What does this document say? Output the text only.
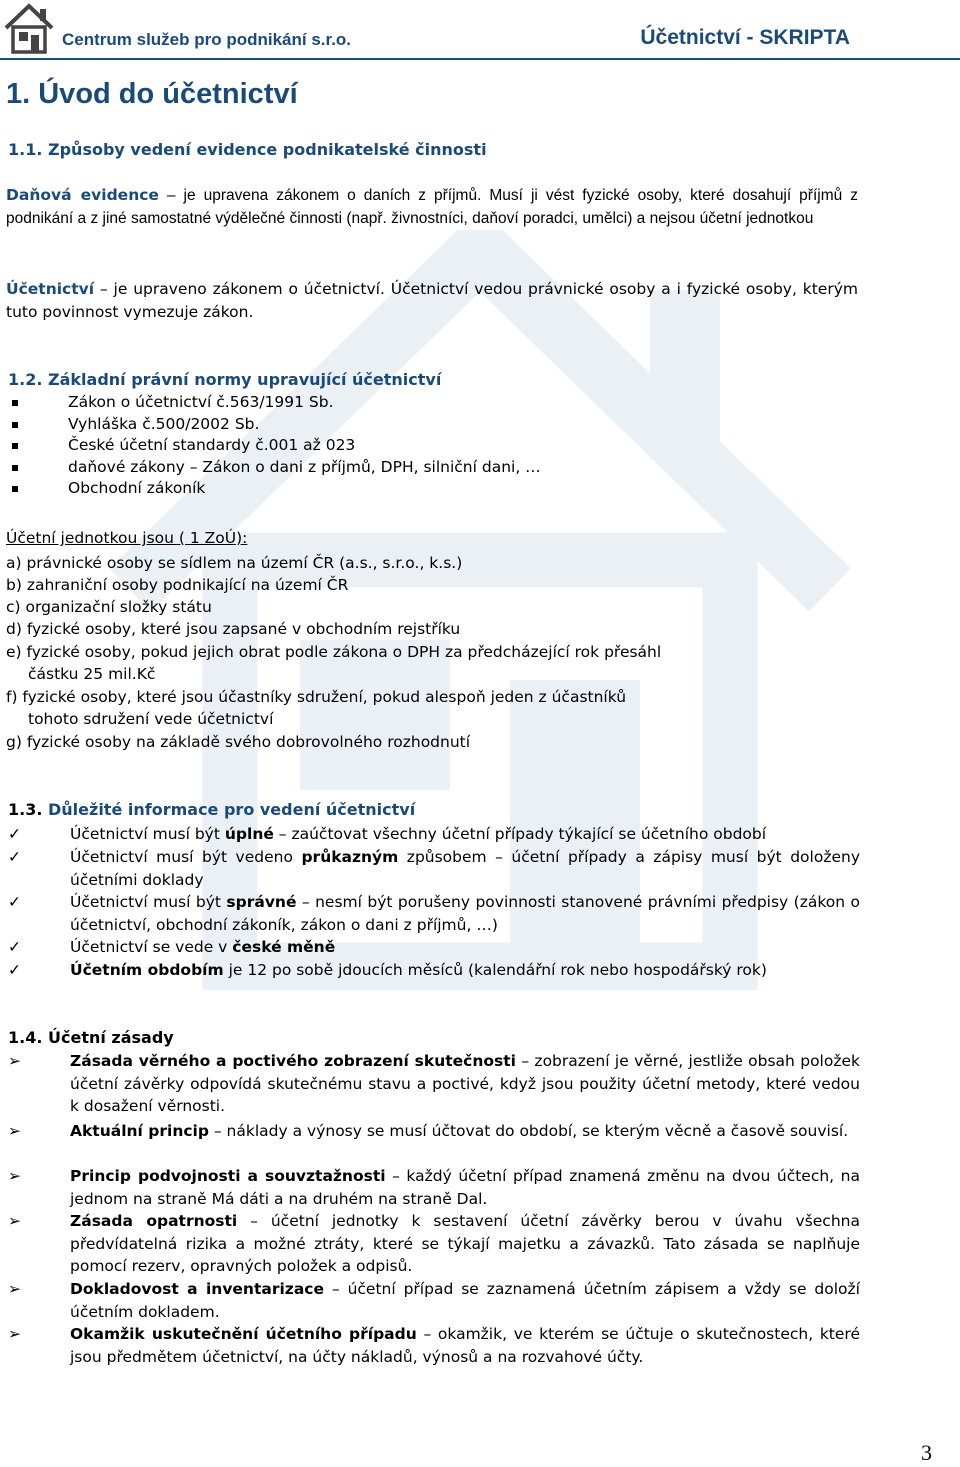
Centrum služeb pro podnikání s.r.o.	Účetnictví - SKRIPTA
1. Úvod do účetnictví
1.1. Způsoby vedení evidence podnikatelské činnosti
Daňová evidence – je upravena zákonem o daních z příjmů. Musí ji vést fyzické osoby, které dosahují příjmů z podnikání a z jiné samostatné výdělečné činnosti (např. živnostníci, daňoví poradci, umělci) a nejsou účetní jednotkou
Účetnictví – je upraveno zákonem o účetnictví. Účetnictví vedou právnické osoby a i fyzické osoby, kterým tuto povinnost vymezuje zákon.
1.2. Základní právní normy upravující účetnictví
Zákon o účetnictví č.563/1991 Sb.
Vyhláška č.500/2002 Sb.
České účetní standardy č.001 až 023
daňové zákony – Zákon o dani z příjmů, DPH, silniční dani, …
Obchodní zákoník
Účetní jednotkou jsou ( 1 ZoÚ):
a) právnické osoby se sídlem na území ČR (a.s., s.r.o., k.s.)
b) zahraniční osoby podnikající na území ČR
c) organizační složky státu
d) fyzické osoby, které jsou zapsané v obchodním rejstříku
e) fyzické osoby, pokud jejich obrat podle zákona o DPH za předcházející rok přesáhl
částku 25 mil.Kč
f) fyzické osoby, které jsou účastníky sdružení, pokud alespoň jeden z účastníků
tohoto sdružení vede účetnictví
g) fyzické osoby na základě svého dobrovolného rozhodnutí
1.3. Důležité informace pro vedení účetnictví
✓	Účetnictví musí být úplné – zaúčtovat všechny účetní případy týkající se účetního období
✓	Účetnictví musí být vedeno průkazným způsobem – účetní případy a zápisy musí být doloženy účetními doklady
✓	Účetnictví musí být správné – nesmí být porušeny povinnosti stanovené právními předpisy (zákon o účetnictví, obchodní zákoník, zákon o dani z příjmů, …)
✓	Účetnictví se vede v české měně
✓	Účetním obdobím je 12 po sobě jdoucích měsíců (kalendářní rok nebo hospodářský rok)
1.4. Účetní zásady
➢	Zásada věrného a poctivého zobrazení skutečnosti – zobrazení je věrné, jestliže obsah položek účetní závěrky odpovídá skutečnému stavu a poctivé, když jsou použity účetní metody, které vedou k dosažení věrnosti.
➢	Aktuální princip – náklady a výnosy se musí účtovat do období, se kterým věcně a časově souvisí.
➢	Princip podvojnosti a souvztažnosti – každý účetní případ znamená změnu na dvou účtech, na jednom na straně Má dáti a na druhém na straně Dal.
➢	Zásada opatrnosti – účetní jednotky k sestavení účetní závěrky berou v úvahu všechna předvídatelná rizika a možné ztráty, které se týkají majetku a závazků. Tato zásada se naplňuje pomocí rezerv, opravných položek a odpisů.
➢	Dokladovost a inventarizace – účetní případ se zaznamená účetním zápisem a vždy se doloží účetním dokladem.
➢	Okamžik uskutečnění účetního případu – okamžik, ve kterém se účtuje o skutečnostech, které jsou předmětem účetnictví, na účty nákladů, výnosů a na rozvahové účty.
3
